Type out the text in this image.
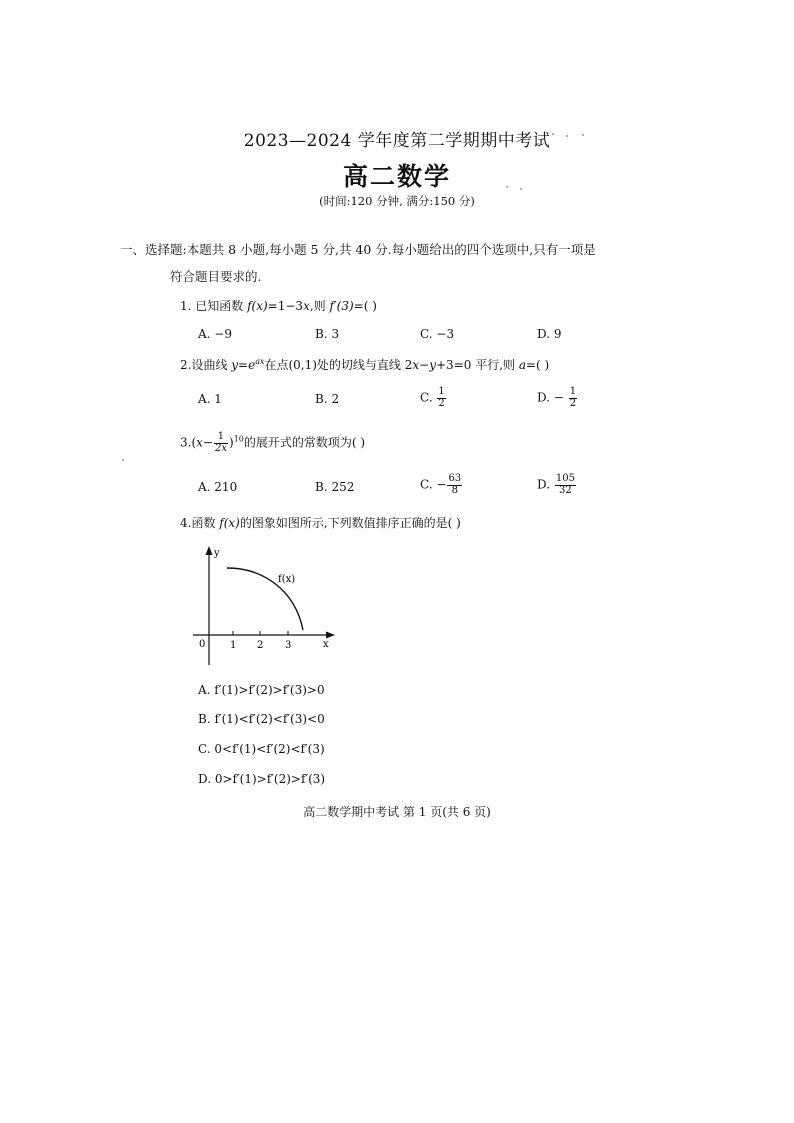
2023—2024 学年度第二学期期中考试
高二数学
(时间:120 分钟, 满分:150 分)
一、选择题:本题共 8 小题,每小题 5 分,共 40 分.每小题给出的四个选项中,只有一项是
符合题目要求的.
1. 已知函数 f(x)=1−3x,则 f′(3)=( )
A. −9	B. 3	C. −3	D. 9
2.设曲线 $y=e^{ax}$在点(0,1)处的切线与直线 2x−y+3=0 平行,则 a=( )
A. 1	B. 2	C. $\frac{1}{2}$	D. − $\frac{1}{2}$
$3.(x- \frac{1}{2x} )^{10}$的展开式的常数项为( )
A. 210	B. 252	C. − $\frac{63}{8}$	D. $\frac{105}{32}$
4.函数 f(x)的图象如图所示,下列数值排序正确的是( )
y
x
0 1 2 3
f(x)
A. f′(1)>f′(2)>f′(3)>0
B. f′(1)<f′(2)<f′(3)<0
C. 0<f′(1)<f′(2)<f′(3)
D. 0>f′(1)>f′(2)>f′(3)
高二数学期中考试 第 1 页(共 6 页)
